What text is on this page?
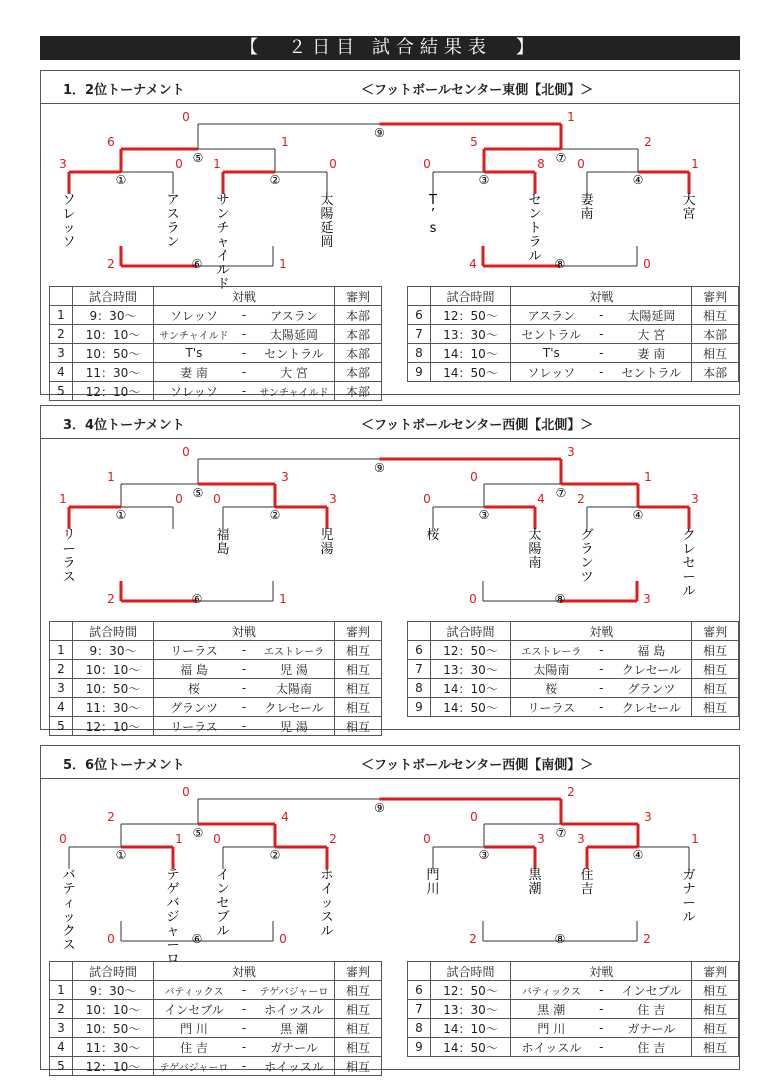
【　２日目 試合結果表　】
1．2位トーナメント	＜フットボールセンター東側【北側】＞
⑨
0	1
⑤
6	1
⑦
5	2
①
3	0
②
1	0
③
0	8
④
0	1
ソ
レ
ッ
ソ
ア
ス
ラ
ン
サ
ン
チ
ャ
イ
ル
ド
太
陽
延
岡
T
’
s
セ
ン
ト
ラ
ル
妻
南
大
宮
⑥
2	1	⑧
4	0
	試合時間	対戦	審判
1	9：30～	ソレッソ - アスラン	本部
2	10：10～	サンチャイルド - 太陽延岡	本部
3	10：50～	T's - セントラル	本部
4	11：30～	妻 南 - 大 宮	本部
5	12：10～	ソレッソ - サンチャイルド	本部
	試合時間	対戦	審判
6	12：50～	アスラン - 太陽延岡	相互
7	13：30～	セントラル - 大 宮	本部
8	14：10～	T's - 妻 南	相互
9	14：50～	ソレッソ - セントラル	本部
3．4位トーナメント	＜フットボールセンター西側【北側】＞
⑨
0	3
⑤
1	3
⑦
0	1
①
1	0
②
0	3
③
0	4
④
2	3
リ
ー
ラ
ス
福
島
児
湯
桜	太
陽
南
グ
ラ
ン
ツ
ク
レ
セ
ー
ル
⑥
2	1	⑧
0	3
	試合時間	対戦	審判
1	9：30～	リーラス - エストレーラ	相互
2	10：10～	福 島 - 児 湯	相互
3	10：50～	桜 - 太陽南	相互
4	11：30～	グランツ - クレセール	相互
5	12：10～	リーラス - 児 湯	相互
	試合時間	対戦	審判
6	12：50～	エストレーラ - 福 島	相互
7	13：30～	太陽南 - クレセール	相互
8	14：10～	桜 - グランツ	相互
9	14：50～	リーラス - クレセール	相互
5．6位トーナメント	＜フットボールセンター西側【南側】＞
⑨
0	2
⑤
2	4
⑦
0	3
①
0	1
②
0	2
③
0	3
④
3	1
バ
テ
ィ
ッ
ク
ス
テ
ゲ
バ
ジ
ャ
ー
ロ
イ
ン
セ
ブ
ル
ホ
イ
ッ
ス
ル
門
川
黒
潮
住
吉
ガ
ナ
ー
ル
⑥
0	0	⑧
2	2
	試合時間	対戦	審判
1	9：30～	バティックス - テゲバジャーロ	相互
2	10：10～	インセブル - ホイッスル	相互
3	10：50～	門 川 - 黒 潮	相互
4	11：30～	住 吉 - ガナール	相互
5	12：10～	テゲバジャーロ - ホイッスル	相互
	試合時間	対戦	審判
6	12：50～	バティックス - インセブル	相互
7	13：30～	黒 潮 - 住 吉	相互
8	14：10～	門 川 - ガナール	相互
9	14：50～	ホイッスル - 住 吉	相互
